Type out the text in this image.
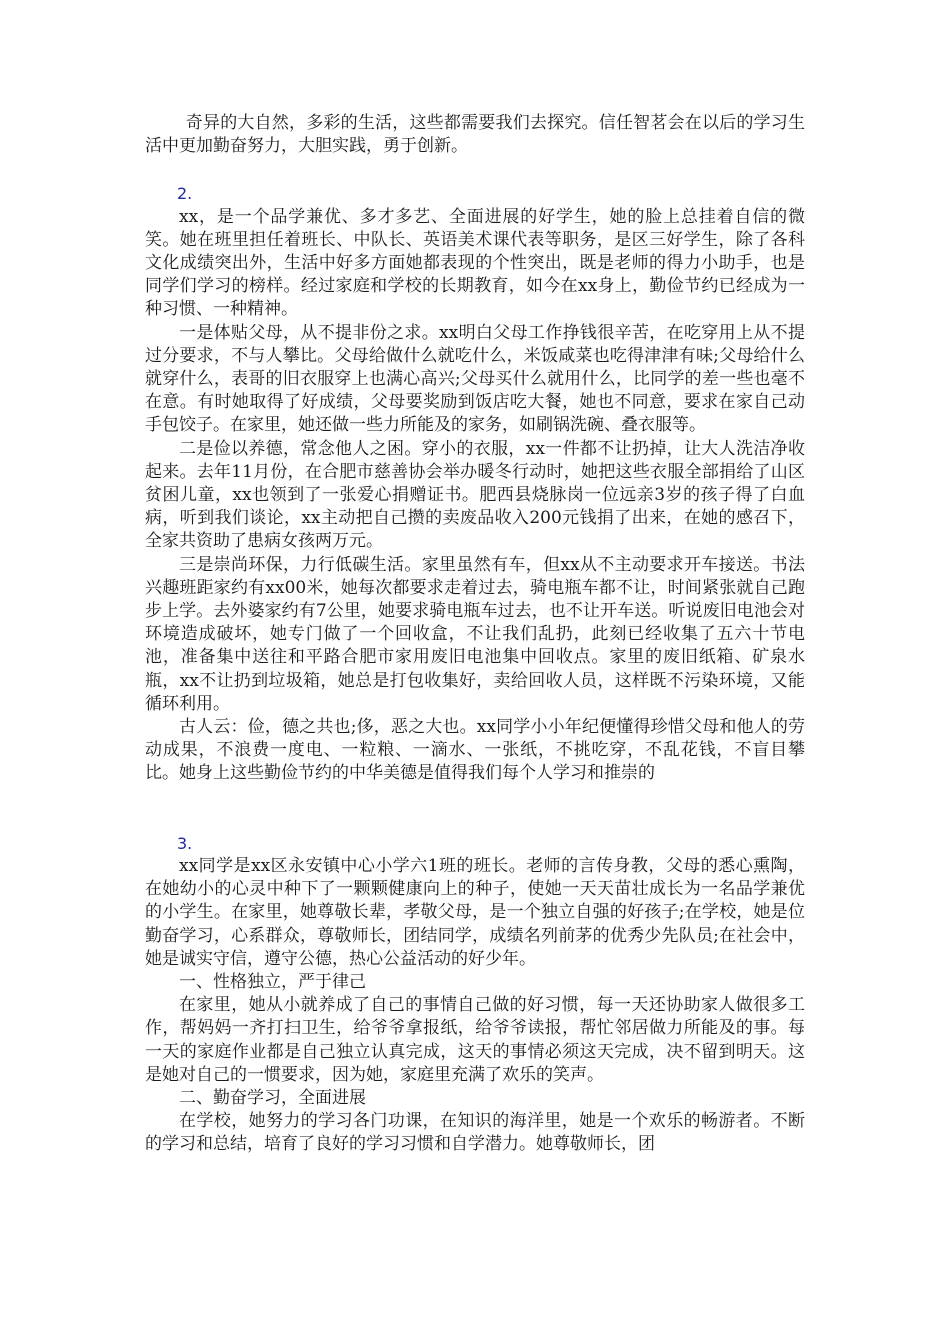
奇异的大自然，多彩的生活，这些都需要我们去探究。信任智茗会在以后的学习生活中更加勤奋努力，大胆实践，勇于创新。

2.

xx，是一个品学兼优、多才多艺、全面进展的好学生，她的脸上总挂着自信的微笑。她在班里担任着班长、中队长、英语美术课代表等职务，是区三好学生，除了各科文化成绩突出外，生活中好多方面她都表现的个性突出，既是老师的得力小助手，也是同学们学习的榜样。经过家庭和学校的长期教育，如今在xx身上，勤俭节约已经成为一种习惯、一种精神。

一是体贴父母，从不提非份之求。xx明白父母工作挣钱很辛苦，在吃穿用上从不提过分要求，不与人攀比。父母给做什么就吃什么，米饭咸菜也吃得津津有味;父母给什么就穿什么，表哥的旧衣服穿上也满心高兴;父母买什么就用什么，比同学的差一些也毫不在意。有时她取得了好成绩，父母要奖励到饭店吃大餐，她也不同意，要求在家自己动手包饺子。在家里，她还做一些力所能及的家务，如刷锅洗碗、叠衣服等。

二是俭以养德，常念他人之困。穿小的衣服，xx一件都不让扔掉，让大人洗洁净收起来。去年11月份，在合肥市慈善协会举办暖冬行动时，她把这些衣服全部捐给了山区贫困儿童，xx也领到了一张爱心捐赠证书。肥西县烧脉岗一位远亲3岁的孩子得了白血病，听到我们谈论，xx主动把自己攒的卖废品收入200元钱捐了出来，在她的感召下，全家共资助了患病女孩两万元。

三是崇尚环保，力行低碳生活。家里虽然有车，但xx从不主动要求开车接送。书法兴趣班距家约有xx00米，她每次都要求走着过去，骑电瓶车都不让，时间紧张就自己跑步上学。去外婆家约有7公里，她要求骑电瓶车过去，也不让开车送。听说废旧电池会对环境造成破坏，她专门做了一个回收盒，不让我们乱扔，此刻已经收集了五六十节电池，准备集中送往和平路合肥市家用废旧电池集中回收点。家里的废旧纸箱、矿泉水瓶，xx不让扔到垃圾箱，她总是打包收集好，卖给回收人员，这样既不污染环境，又能循环利用。

古人云：俭，德之共也;侈，恶之大也。xx同学小小年纪便懂得珍惜父母和他人的劳动成果，不浪费一度电、一粒粮、一滴水、一张纸，不挑吃穿，不乱花钱，不盲目攀比。她身上这些勤俭节约的中华美德是值得我们每个人学习和推崇的

3.

xx同学是xx区永安镇中心小学六1班的班长。老师的言传身教，父母的悉心熏陶，在她幼小的心灵中种下了一颗颗健康向上的种子，使她一天天苗壮成长为一名品学兼优的小学生。在家里，她尊敬长辈，孝敬父母，是一个独立自强的好孩子;在学校，她是位勤奋学习，心系群众，尊敬师长，团结同学，成绩名列前茅的优秀少先队员;在社会中，她是诚实守信，遵守公德，热心公益活动的好少年。

一、性格独立，严于律己

在家里，她从小就养成了自己的事情自己做的好习惯，每一天还协助家人做很多工作，帮妈妈一齐打扫卫生，给爷爷拿报纸，给爷爷读报，帮忙邻居做力所能及的事。每一天的家庭作业都是自己独立认真完成，这天的事情必须这天完成，决不留到明天。这是她对自己的一惯要求，因为她，家庭里充满了欢乐的笑声。

二、勤奋学习，全面进展

在学校，她努力的学习各门功课，在知识的海洋里，她是一个欢乐的畅游者。不断的学习和总结，培育了良好的学习习惯和自学潜力。她尊敬师长，团
